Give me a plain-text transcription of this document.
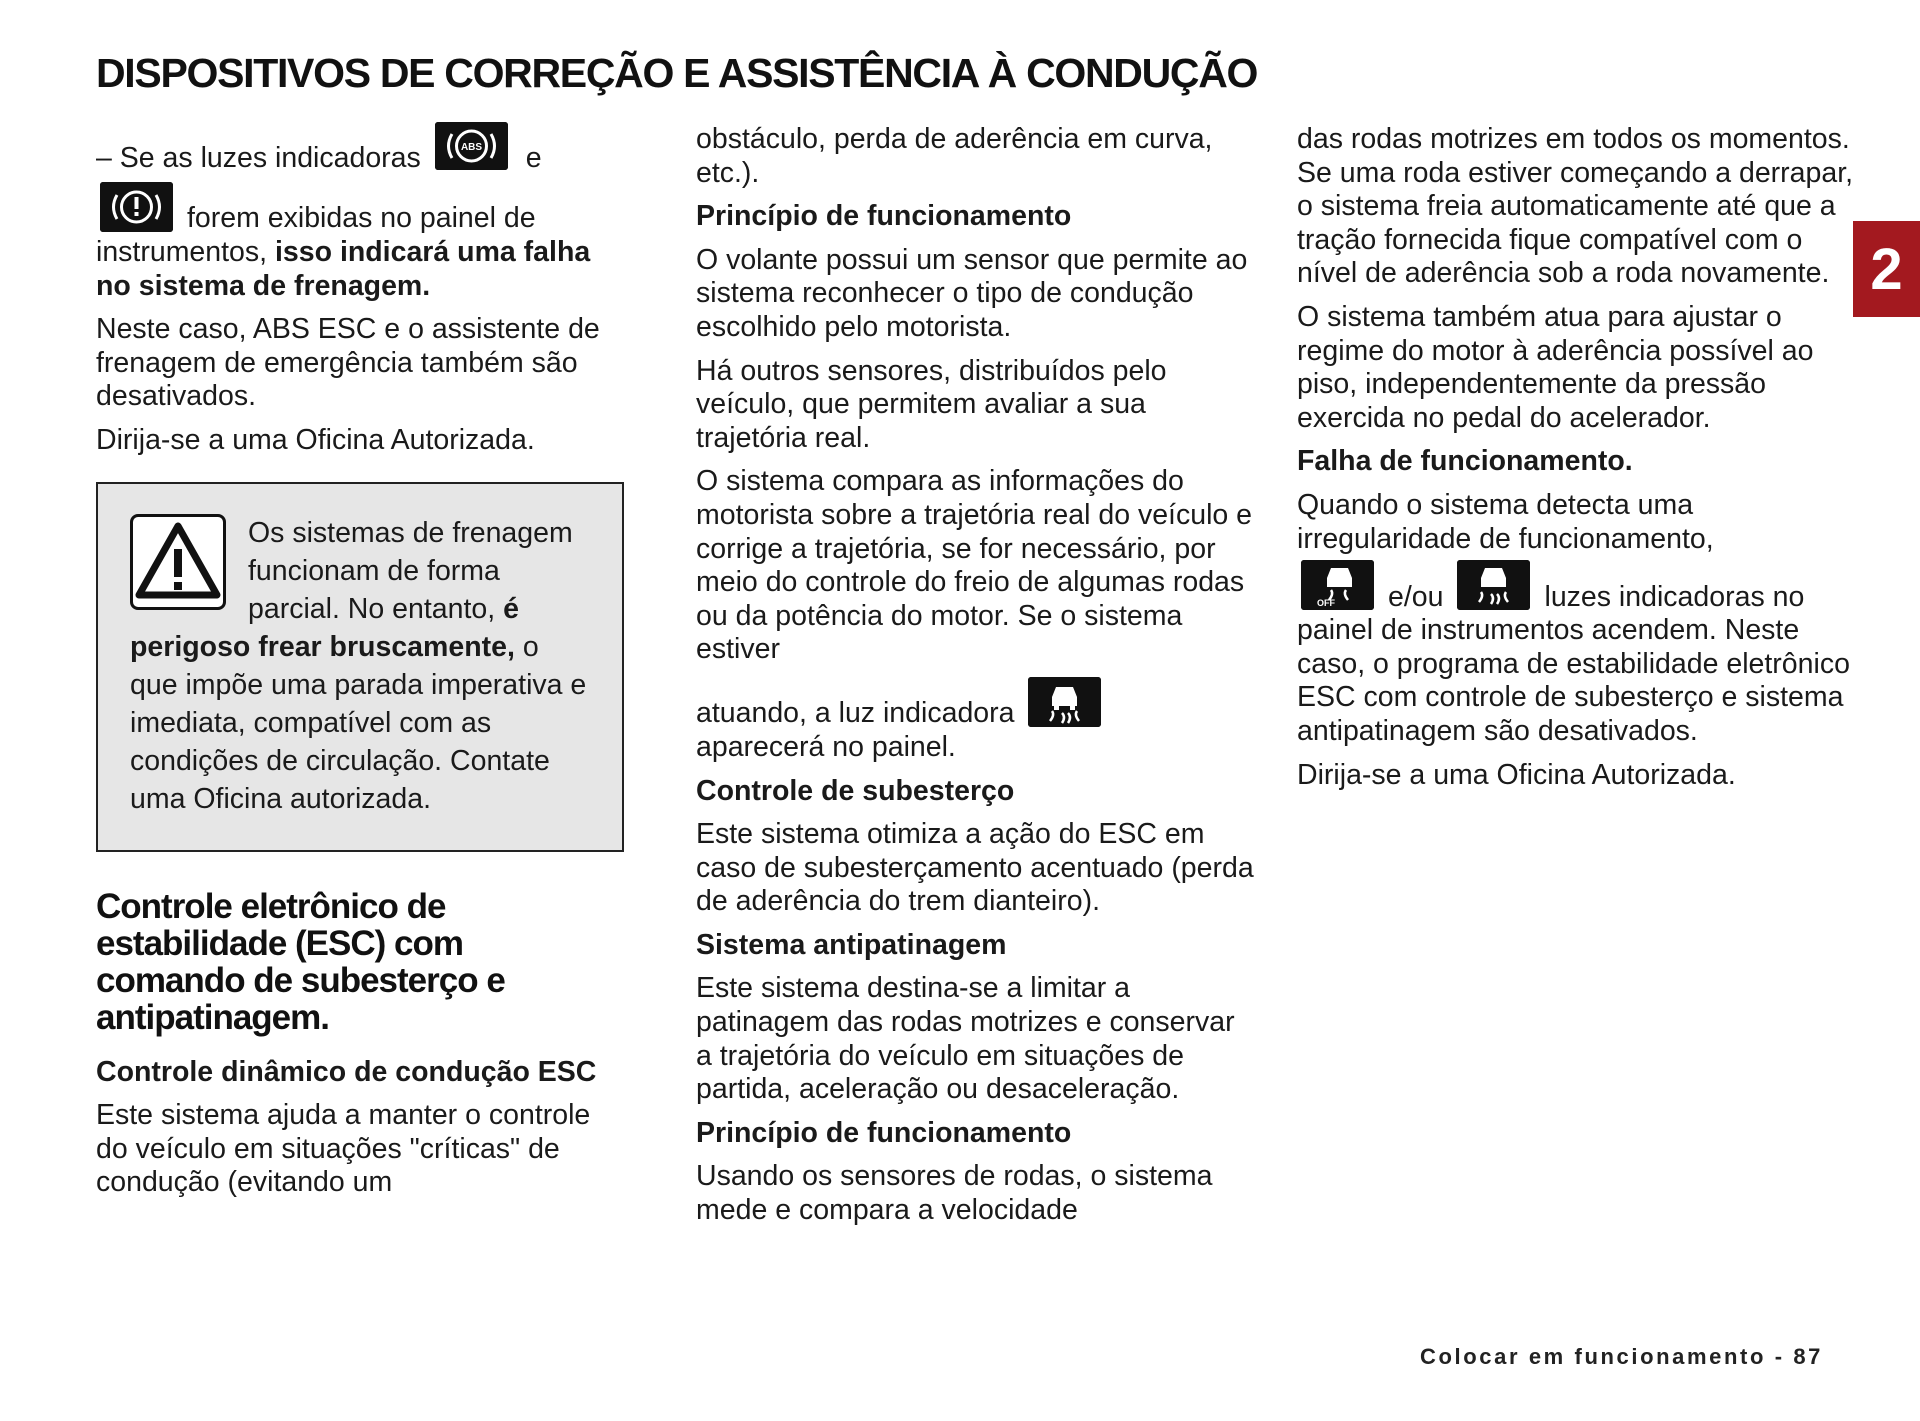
DISPOSITIVOS DE CORREÇÃO E ASSISTÊNCIA À CONDUÇÃO

– Se as luzes indicadoras	ABS e
forem exibidas no painel de
instrumentos, isso indicará uma falha no sistema de frenagem.

Neste caso, ABS ESC e o assistente de frenagem de emergência também são desativados.

Dirija-se a uma Oficina Autorizada.

Os sistemas de frenagem funcionam de forma parcial. No entanto, é perigoso frear bruscamente, o que impõe uma parada imperativa e imediata, compatível com as condições de circulação. Contate uma Oficina autorizada.

Controle eletrônico de estabilidade (ESC) com comando de subesterço e antipatinagem.

Controle dinâmico de condução ESC

Este sistema ajuda a manter o controle do veículo em situações "críticas" de condução (evitando um

obstáculo, perda de aderência em curva, etc.).

Princípio de funcionamento

O volante possui um sensor que permite ao sistema reconhecer o tipo de condução escolhido pelo motorista.

Há outros sensores, distribuídos pelo veículo, que permitem avaliar a sua trajetória real.

O sistema compara as informações do motorista sobre a trajetória real do veículo e corrige a trajetória, se for necessário, por meio do controle do freio de algumas rodas ou da potência do motor. Se o sistema estiver

atuando, a luz indicadora

aparecerá no painel.

Controle de subesterço

Este sistema otimiza a ação do ESC em caso de subesterçamento acentuado (perda de aderência do trem dianteiro).

Sistema antipatinagem

Este sistema destina-se a limitar a patinagem das rodas motrizes e conservar a trajetória do veículo em situações de partida, aceleração ou desaceleração.

Princípio de funcionamento

Usando os sensores de rodas, o sistema mede e compara a velocidade

das rodas motrizes em todos os momentos. Se uma roda estiver começando a derrapar, o sistema freia automaticamente até que a tração fornecida fique compatível com o nível de aderência sob a roda novamente.

O sistema também atua para ajustar o regime do motor à aderência possível ao piso, independentemente da pressão exercida no pedal do acelerador.

Falha de funcionamento.

Quando o sistema detecta uma irregularidade de funcionamento,

OFF e/ou	luzes indicadoras no

painel de instrumentos acendem. Neste caso, o programa de estabilidade eletrônico ESC com controle de subesterço e sistema antipatinagem são desativados.

Dirija-se a uma Oficina Autorizada.

2
Colocar em funcionamento - 87
